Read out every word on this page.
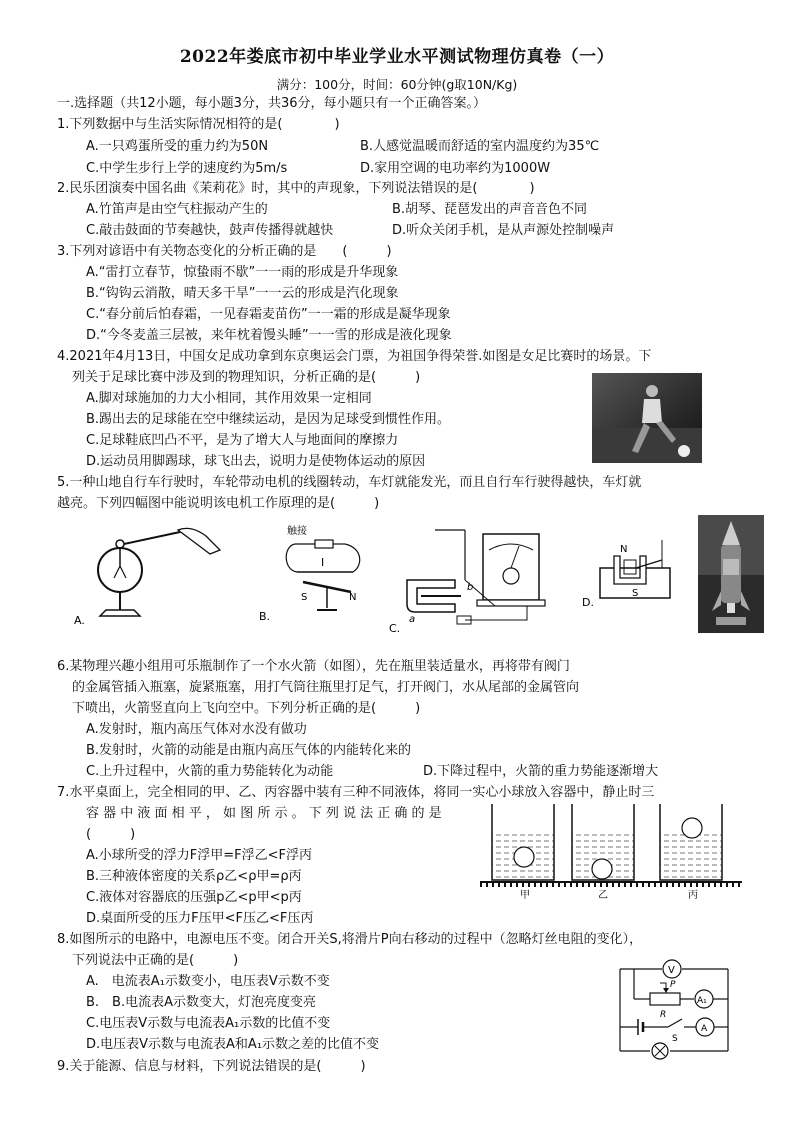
2022年娄底市初中毕业学业水平测试物理仿真卷（一）
满分：100分，时间：60分钟(g取10N/Kg)
一.选择题（共12小题，每小题3分，共36分，每小题只有一个正确答案。）
1.下列数据中与生活实际情况相符的是(　　　　)
A.一只鸡蛋所受的重力约为50N	B.人感觉温暖而舒适的室内温度约为35℃
C.中学生步行上学的速度约为5m/s	D.家用空调的电功率约为1000W
2.民乐团演奏中国名曲《茉莉花》时，其中的声现象，下列说法错误的是(　　　　)
A.竹笛声是由空气柱振动产生的	B.胡琴、琵琶发出的声音音色不同
C.敲击鼓面的节奏越快，鼓声传播得就越快	D.听众关闭手机，是从声源处控制噪声
3.下列对谚语中有关物态变化的分析正确的是　　(　　　)
A.“雷打立春节，惊蛰雨不歇”一一雨的形成是升华现象
B.“钩钩云消散，晴天多干旱”一一云的形成是汽化现象
C.“春分前后怕春霜，一见春霜麦苗伤”一一霜的形成是凝华现象
D.“今冬麦盖三层被，来年枕着馒头睡”一一雪的形成是液化现象
4.2021年4月13日，中国女足成功拿到东京奥运会门票，为祖国争得荣誉.如图是女足比赛时的场景。下
列关于足球比赛中涉及到的物理知识，分析正确的是(　　　)
A.脚对球施加的力大小相同，其作用效果一定相同
B.踢出去的足球能在空中继续运动，是因为足球受到惯性作用。
C.足球鞋底凹凸不平，是为了增大人与地面间的摩擦力
D.运动员用脚踢球，球飞出去，说明力是使物体运动的原因
5.一种山地自行车行驶时，车轮带动电机的线圈转动，车灯就能发光，而且自行车行驶得越快，车灯就
越亮。下列四幅图中能说明该电机工作原理的是(　　　)
A.
触接
I
S	N
B.	a
b
C.
N
S
D.
6.某物理兴趣小组用可乐瓶制作了一个水火箭（如图），先在瓶里装适量水，再将带有阀门
的金属管插入瓶塞，旋紧瓶塞，用打气筒往瓶里打足气，打开阀门，水从尾部的金属管向
下喷出，火箭竖直向上飞向空中。下列分析正确的是(　　　)
A.发射时，瓶内高压气体对水没有做功
B.发射时，火箭的动能是由瓶内高压气体的内能转化来的
C.上升过程中，火箭的重力势能转化为动能	D.下降过程中，火箭的重力势能逐渐增大
7.水平桌面上，完全相同的甲、乙、丙容器中装有三种不同液体，将同一实心小球放入容器中，静止时三
容 器 中 液 面 相 平 ， 如 图 所 示 。 下 列 说 法 正 确 的 是
(　　　)
A.小球所受的浮力F浮甲=F浮乙<F浮丙
B.三种液体密度的关系ρ乙<ρ甲=ρ丙
C.液体对容器底的压强p乙<p甲<p丙
D.桌面所受的压力F压甲<F压乙<F压丙
甲	乙	丙
8.如图所示的电路中，电源电压不变。闭合开关S,将滑片P向右移动的过程中（忽略灯丝电阻的变化），
下列说法中正确的是(　　　)
A.　电流表A₁示数变小，电压表V示数不变
B.　B.电流表A示数变大，灯泡亮度变亮
C.电压表V示数与电流表A₁示数的比值不变
D.电压表V示数与电流表A和A₁示数之差的比值不变
V
P
R
A₁
S
A
9.关于能源、信息与材料，下列说法错误的是(　　　)
